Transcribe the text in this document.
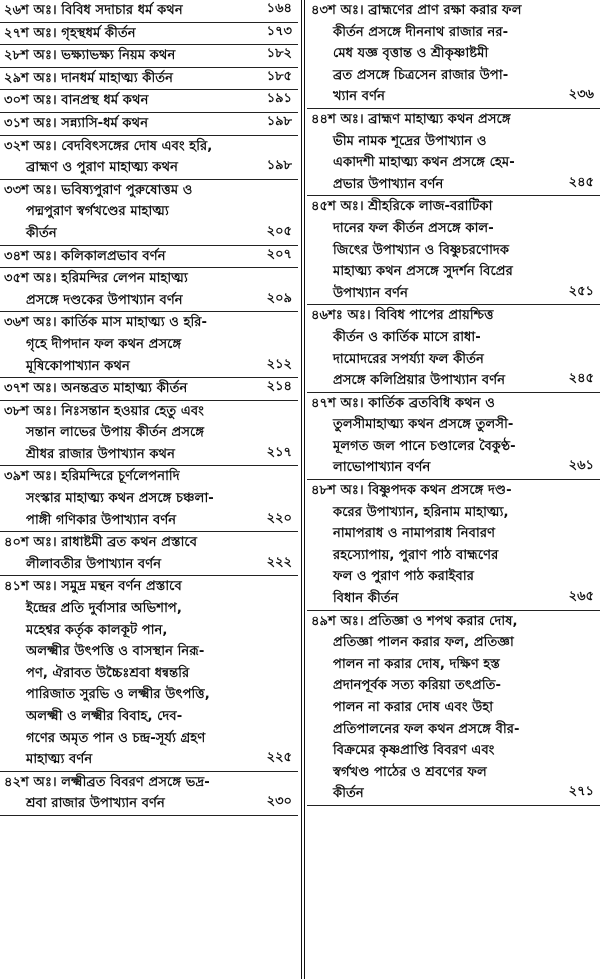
২৬শ অঃ। বিবিধ সদাচার ধর্ম কথন	১৬৪
২৭শ অঃ। গৃহস্থধর্ম কীর্তন	১৭৩
২৮শ অঃ। ভক্ষ্যাভক্ষ্য নিয়ম কথন	১৮২
২৯শ অঃ। দানধর্ম মাহাত্ম্য কীর্তন	১৮৫
৩০শ অঃ। বানপ্রস্থ ধর্ম কথন	১৯১
৩১শ অঃ। সন্ন্যাসি-ধর্ম কথন	১৯৮
৩২শ অঃ। বেদবিৎসঙ্গের দোষ এবং হরি,
ব্রাহ্মণ ও পুরাণ মাহাত্ম্য কথন	১৯৮
৩৩শ অঃ। ভবিষ্যপুরাণ পুরুষোত্তম ও
পদ্মপুরাণ স্বর্গখণ্ডের মাহাত্ম্য
কীর্তন	২০৫
৩৪শ অঃ। কলিকালপ্রভাব বর্ণন	২০৭
৩৫শ অঃ। হরিমন্দির লেপন মাহাত্ম্য
প্রসঙ্গে দণ্ডকের উপাখ্যান বর্ণন	২০৯
৩৬শ অঃ। কার্তিক মাস মাহাত্ম্য ও হরি-
গৃহে দীপদান ফল কথন প্রসঙ্গে
মূষিকোপাখ্যান কথন	২১২
৩৭শ অঃ। অনন্তব্রত মাহাত্ম্য কীর্তন	২১৪
৩৮শ অঃ। নিঃসন্তান হওয়ার হেতু এবং
সন্তান লাভের উপায় কীর্তন প্রসঙ্গে
শ্রীধর রাজার উপাখ্যান কথন	২১৭
৩৯শ অঃ। হরিমন্দিরে চূর্ণলেপনাদি
সংস্কার মাহাত্ম্য কথন প্রসঙ্গে চঞ্চলা-
পাঙ্গী গণিকার উপাখ্যান বর্ণন	২২০
৪০শ অঃ। রাধাষ্টমী ব্রত কথন প্রস্তাবে
লীলাবতীর উপাখ্যান বর্ণন	২২২
৪১শ অঃ। সমুদ্র মন্থন বর্ণন প্রস্তাবে
ইন্দ্রের প্রতি দুর্বাসার অভিশাপ,
মহেশ্বর কর্তৃক কালকূট পান,
অলক্ষ্মীর উৎপত্তি ও বাসস্থান নিরূ-
পণ, ঐরাবত উচ্চৈঃশ্রবা ধন্বন্তরি
পারিজাত সুরভি ও লক্ষ্মীর উৎপত্তি,
অলক্ষ্মী ও লক্ষ্মীর বিবাহ, দেব-
গণের অমৃত পান ও চন্দ্র-সূর্য্য গ্রহণ
মাহাত্ম্য বর্ণন	২২৫
৪২শ অঃ। লক্ষ্মীব্রত বিবরণ প্রসঙ্গে ভদ্র-
শ্রবা রাজার উপাখ্যান বর্ণন	২৩০
৪৩শ অঃ। ব্রাহ্মণের প্রাণ রক্ষা করার ফল
কীর্তন প্রসঙ্গে দীননাথ রাজার নর-
মেধ যজ্ঞ বৃত্তান্ত ও শ্রীকৃষ্ণাষ্টমী
ব্রত প্রসঙ্গে চিত্রসেন রাজার উপা-
খ্যান বর্ণন	২৩৬
৪৪শ অঃ। ব্রাহ্মণ মাহাত্ম্য কথন প্রসঙ্গে
ভীম নামক শূদ্রের উপাখ্যান ও
একাদশী মাহাত্ম্য কথন প্রসঙ্গে হেম-
প্রভার উপাখ্যান বর্ণন	২৪৫
৪৫শ অঃ। শ্রীহরিকে লাজ-বরাটিকা
দানের ফল কীর্তন প্রসঙ্গে কাল-
জিৎের উপাখ্যান ও বিষ্ণুচরণোদক
মাহাত্ম্য কথন প্রসঙ্গে সুদর্শন বিপ্রের
উপাখ্যান বর্ণন	২৫১
৪৬শঃ অঃ। বিবিধ পাপের প্রায়শ্চিত্ত
কীর্তন ও কার্তিক মাসে রাধা-
দামোদরের সপর্য্যা ফল কীর্তন
প্রসঙ্গে কলিপ্রিয়ার উপাখ্যান বর্ণন	২৪৫
৪৭শ অঃ। কার্তিক ব্রতবিধি কথন ও
তুলসীমাহাত্ম্য কথন প্রসঙ্গে তুলসী-
মূলগত জল পানে চণ্ডালের বৈকুণ্ঠ-
লাভোপাখ্যান বর্ণন	২৬১
৪৮শ অঃ। বিষ্ণুপদক কথন প্রসঙ্গে দণ্ড-
করের উপাখ্যান, হরিনাম মাহাত্ম্য,
নামাপরাধ ও নামাপরাধ নিবারণ
রহস্যোপায়, পুরাণ পাঠ বাহ্মণের
ফল ও পুরাণ পাঠ করাইবার
বিধান কীর্তন	২৬৫
৪৯শ অঃ। প্রতিজ্ঞা ও শপথ করার দোষ,
প্রতিজ্ঞা পালন করার ফল, প্রতিজ্ঞা
পালন না করার দোষ, দক্ষিণ হস্ত
প্রদানপূর্বক সত্য করিয়া তৎপ্রতি-
পালন না করার দোষ এবং উহা
প্রতিপালনের ফল কথন প্রসঙ্গে বীর-
বিক্রমের কৃষ্ণপ্রাপ্তি বিবরণ এবং
স্বর্গখণ্ড পাঠের ও শ্রবণের ফল
কীর্তন	২৭১
